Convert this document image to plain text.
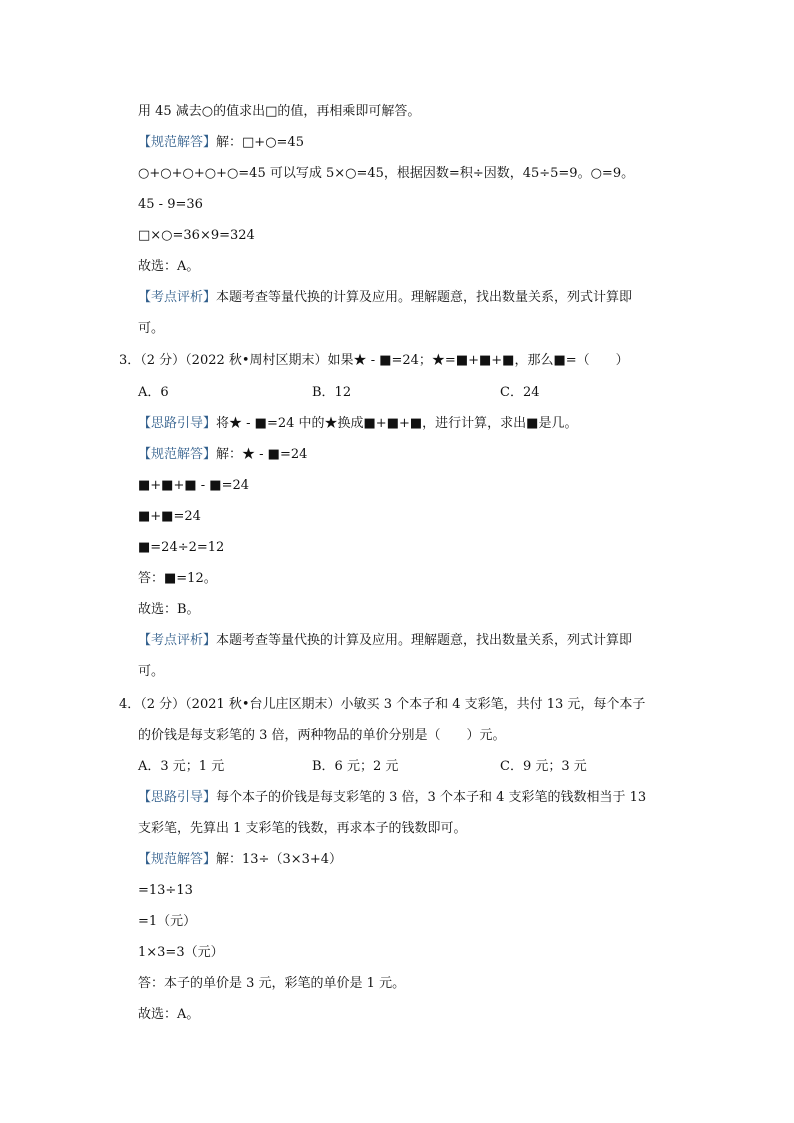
用 45 减去○的值求出□的值，再相乘即可解答。
【规范解答】解：□+○=45
○+○+○+○+○=45 可以写成 5×○=45，根据因数=积÷因数，45÷5=9。○=9。
45 - 9=36
□×○=36×9=324
故选：A。
【考点评析】本题考查等量代换的计算及应用。理解题意，找出数量关系，列式计算即
可。
3．（2 分）（2022 秋•周村区期末）如果★ - ■=24；★=■+■+■，那么■=（　　）
A．6	B．12	C．24
【思路引导】将★ - ■=24 中的★换成■+■+■，进行计算，求出■是几。
【规范解答】解：★ - ■=24
■+■+■ - ■=24
■+■=24
■=24÷2=12
答：■=12。
故选：B。
【考点评析】本题考查等量代换的计算及应用。理解题意，找出数量关系，列式计算即
可。
4．（2 分）（2021 秋•台儿庄区期末）小敏买 3 个本子和 4 支彩笔，共付 13 元，每个本子
的价钱是每支彩笔的 3 倍，两种物品的单价分别是（　　）元。
A．3 元；1 元	B．6 元；2 元	C．9 元；3 元
【思路引导】每个本子的价钱是每支彩笔的 3 倍，3 个本子和 4 支彩笔的钱数相当于 13
支彩笔，先算出 1 支彩笔的钱数，再求本子的钱数即可。
【规范解答】解：13÷（3×3+4）
=13÷13
=1（元）
1×3=3（元）
答：本子的单价是 3 元，彩笔的单价是 1 元。
故选：A。
